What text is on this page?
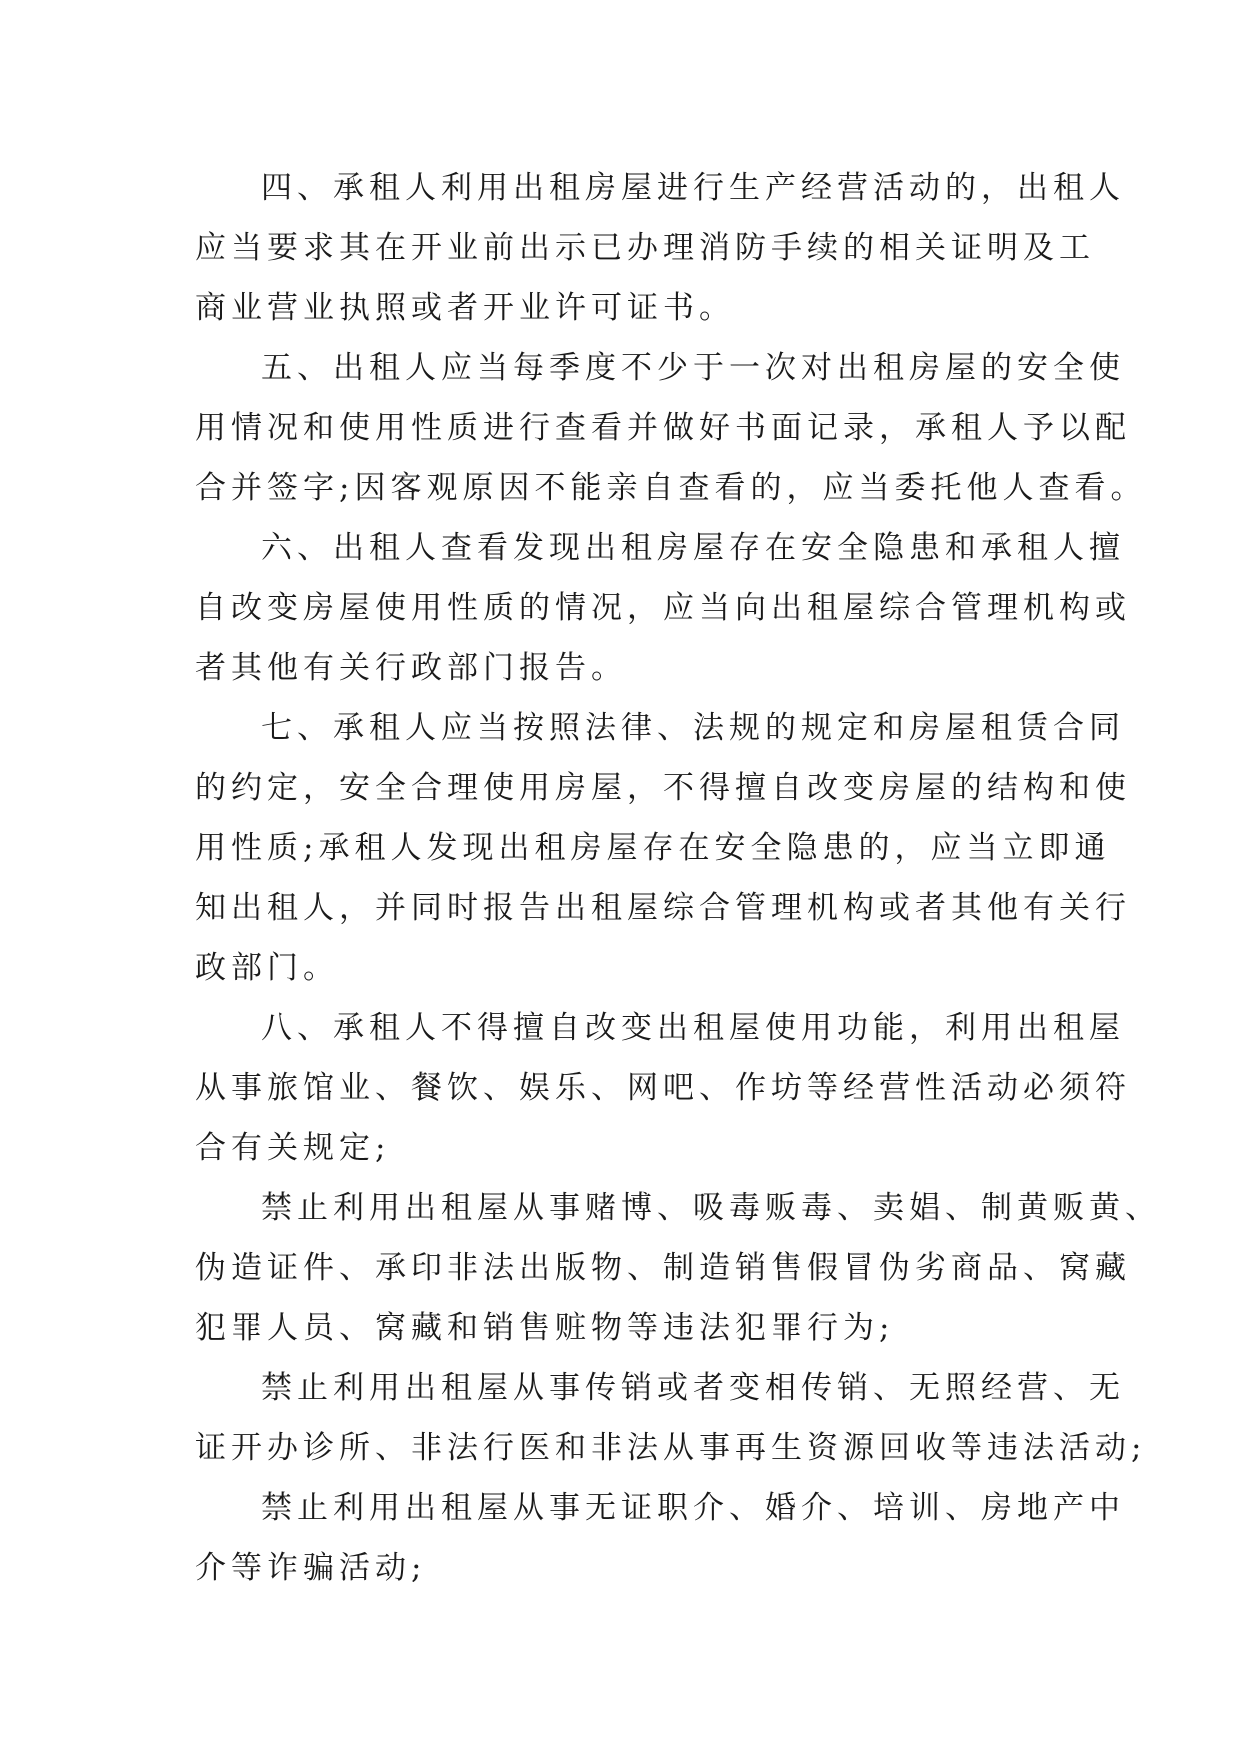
四、承租人利用出租房屋进行生产经营活动的，出租人
应当要求其在开业前出示已办理消防手续的相关证明及工
商业营业执照或者开业许可证书。
五、出租人应当每季度不少于一次对出租房屋的安全使
用情况和使用性质进行查看并做好书面记录，承租人予以配
合并签字;因客观原因不能亲自查看的，应当委托他人查看。
六、出租人查看发现出租房屋存在安全隐患和承租人擅
自改变房屋使用性质的情况，应当向出租屋综合管理机构或
者其他有关行政部门报告。
七、承租人应当按照法律、法规的规定和房屋租赁合同
的约定，安全合理使用房屋，不得擅自改变房屋的结构和使
用性质;承租人发现出租房屋存在安全隐患的，应当立即通
知出租人，并同时报告出租屋综合管理机构或者其他有关行
政部门。
八、承租人不得擅自改变出租屋使用功能，利用出租屋
从事旅馆业、餐饮、娱乐、网吧、作坊等经营性活动必须符
合有关规定;
禁止利用出租屋从事赌博、吸毒贩毒、卖娼、制黄贩黄、
伪造证件、承印非法出版物、制造销售假冒伪劣商品、窝藏
犯罪人员、窝藏和销售赃物等违法犯罪行为;
禁止利用出租屋从事传销或者变相传销、无照经营、无
证开办诊所、非法行医和非法从事再生资源回收等违法活动;
禁止利用出租屋从事无证职介、婚介、培训、房地产中
介等诈骗活动;
